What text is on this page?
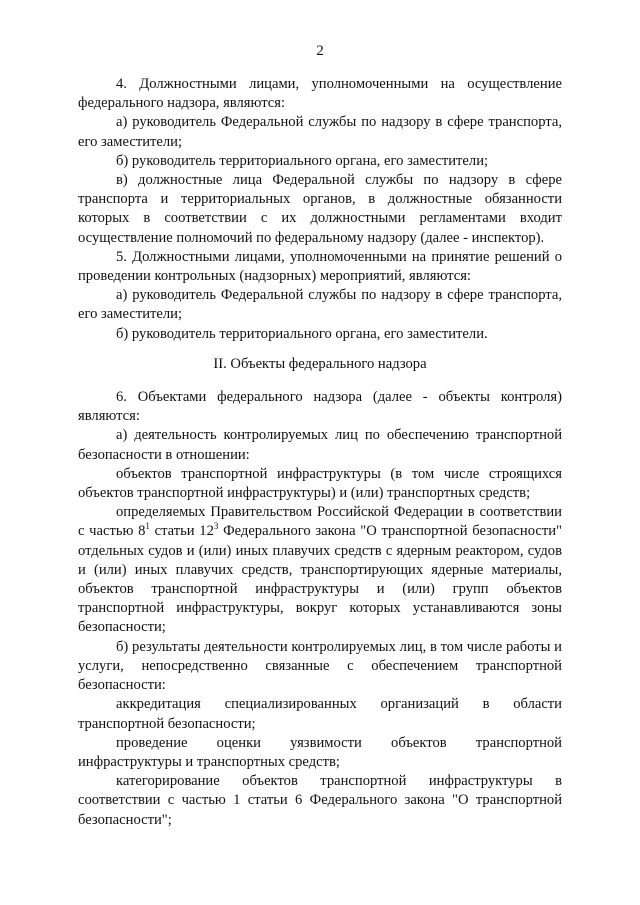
2

4. Должностными лицами, уполномоченными на осуществление федерального надзора, являются:

а) руководитель Федеральной службы по надзору в сфере транспорта, его заместители;

б) руководитель территориального органа, его заместители;

в) должностные лица Федеральной службы по надзору в сфере транспорта и территориальных органов, в должностные обязанности которых в соответствии с их должностными регламентами входит осуществление полномочий по федеральному надзору (далее - инспектор).

5. Должностными лицами, уполномоченными на принятие решений о проведении контрольных (надзорных) мероприятий, являются:

а) руководитель Федеральной службы по надзору в сфере транспорта, его заместители;

б) руководитель территориального органа, его заместители.

II. Объекты федерального надзора

6. Объектами федерального надзора (далее - объекты контроля) являются:

а) деятельность контролируемых лиц по обеспечению транспортной безопасности в отношении:

объектов транспортной инфраструктуры (в том числе строящихся объектов транспортной инфраструктуры) и (или) транспортных средств;

определяемых Правительством Российской Федерации в соответствии с частью $8^1$ статьи $12^3$ Федерального закона "О транспортной безопасности" отдельных судов и (или) иных плавучих средств с ядерным реактором, судов и (или) иных плавучих средств, транспортирующих ядерные материалы, объектов транспортной инфраструктуры и (или) групп объектов транспортной инфраструктуры, вокруг которых устанавливаются зоны безопасности;

б) результаты деятельности контролируемых лиц, в том числе работы и услуги, непосредственно связанные с обеспечением транспортной безопасности:

аккредитация специализированных организаций в области транспортной безопасности;

проведение оценки уязвимости объектов транспортной инфраструктуры и транспортных средств;

категорирование объектов транспортной инфраструктуры в соответствии с частью 1 статьи 6 Федерального закона "О транспортной безопасности";
